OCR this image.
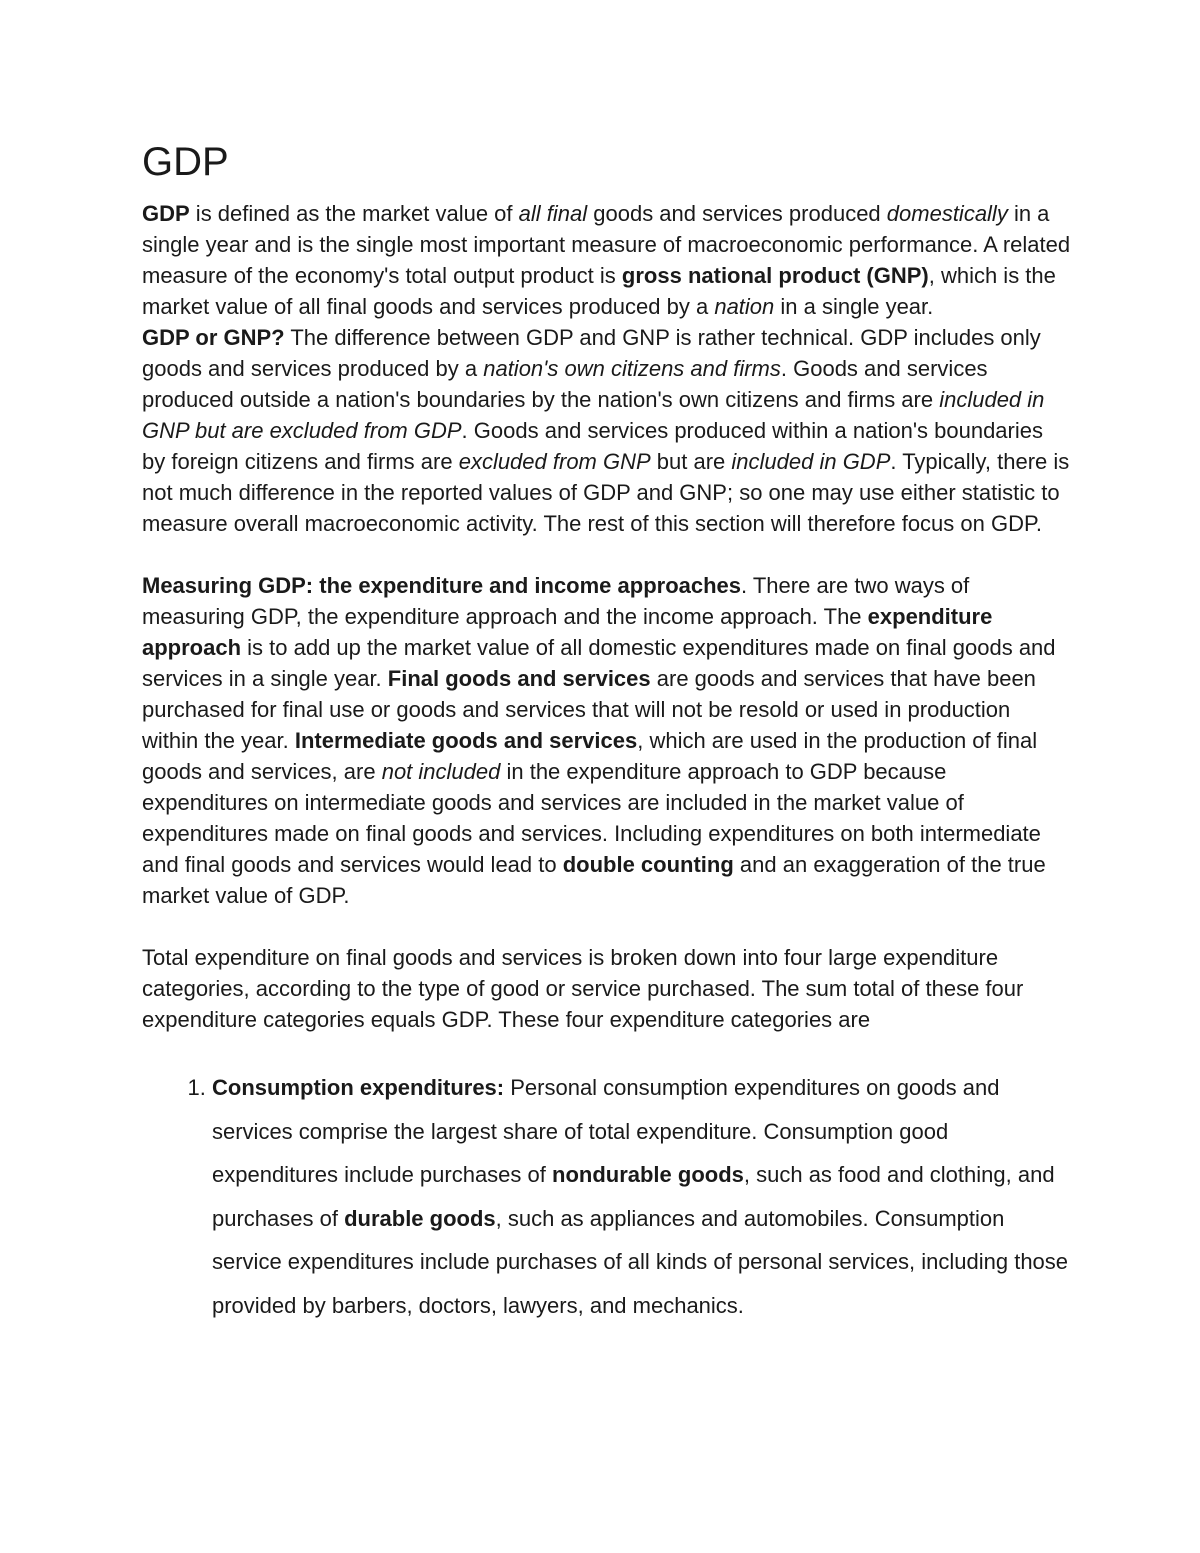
GDP

GDP is defined as the market value of all final goods and services produced domestically in a single year and is the single most important measure of macroeconomic performance. A related measure of the economy's total output product is gross national product (GNP), which is the market value of all final goods and services produced by a nation in a single year.

GDP or GNP? The difference between GDP and GNP is rather technical. GDP includes only goods and services produced by a nation's own citizens and firms. Goods and services produced outside a nation's boundaries by the nation's own citizens and firms are included in GNP but are excluded from GDP. Goods and services produced within a nation's boundaries by foreign citizens and firms are excluded from GNP but are included in GDP. Typically, there is not much difference in the reported values of GDP and GNP; so one may use either statistic to measure overall macroeconomic activity. The rest of this section will therefore focus on GDP.

Measuring GDP: the expenditure and income approaches. There are two ways of measuring GDP, the expenditure approach and the income approach. The expenditure approach is to add up the market value of all domestic expenditures made on final goods and services in a single year. Final goods and services are goods and services that have been purchased for final use or goods and services that will not be resold or used in production within the year. Intermediate goods and services, which are used in the production of final goods and services, are not included in the expenditure approach to GDP because expenditures on intermediate goods and services are included in the market value of expenditures made on final goods and services. Including expenditures on both intermediate and final goods and services would lead to double counting and an exaggeration of the true market value of GDP.

Total expenditure on final goods and services is broken down into four large expenditure categories, according to the type of good or service purchased. The sum total of these four expenditure categories equals GDP. These four expenditure categories are

1. Consumption expenditures: Personal consumption expenditures on goods and services comprise the largest share of total expenditure. Consumption good expenditures include purchases of nondurable goods, such as food and clothing, and purchases of durable goods, such as appliances and automobiles. Consumption service expenditures include purchases of all kinds of personal services, including those provided by barbers, doctors, lawyers, and mechanics.
